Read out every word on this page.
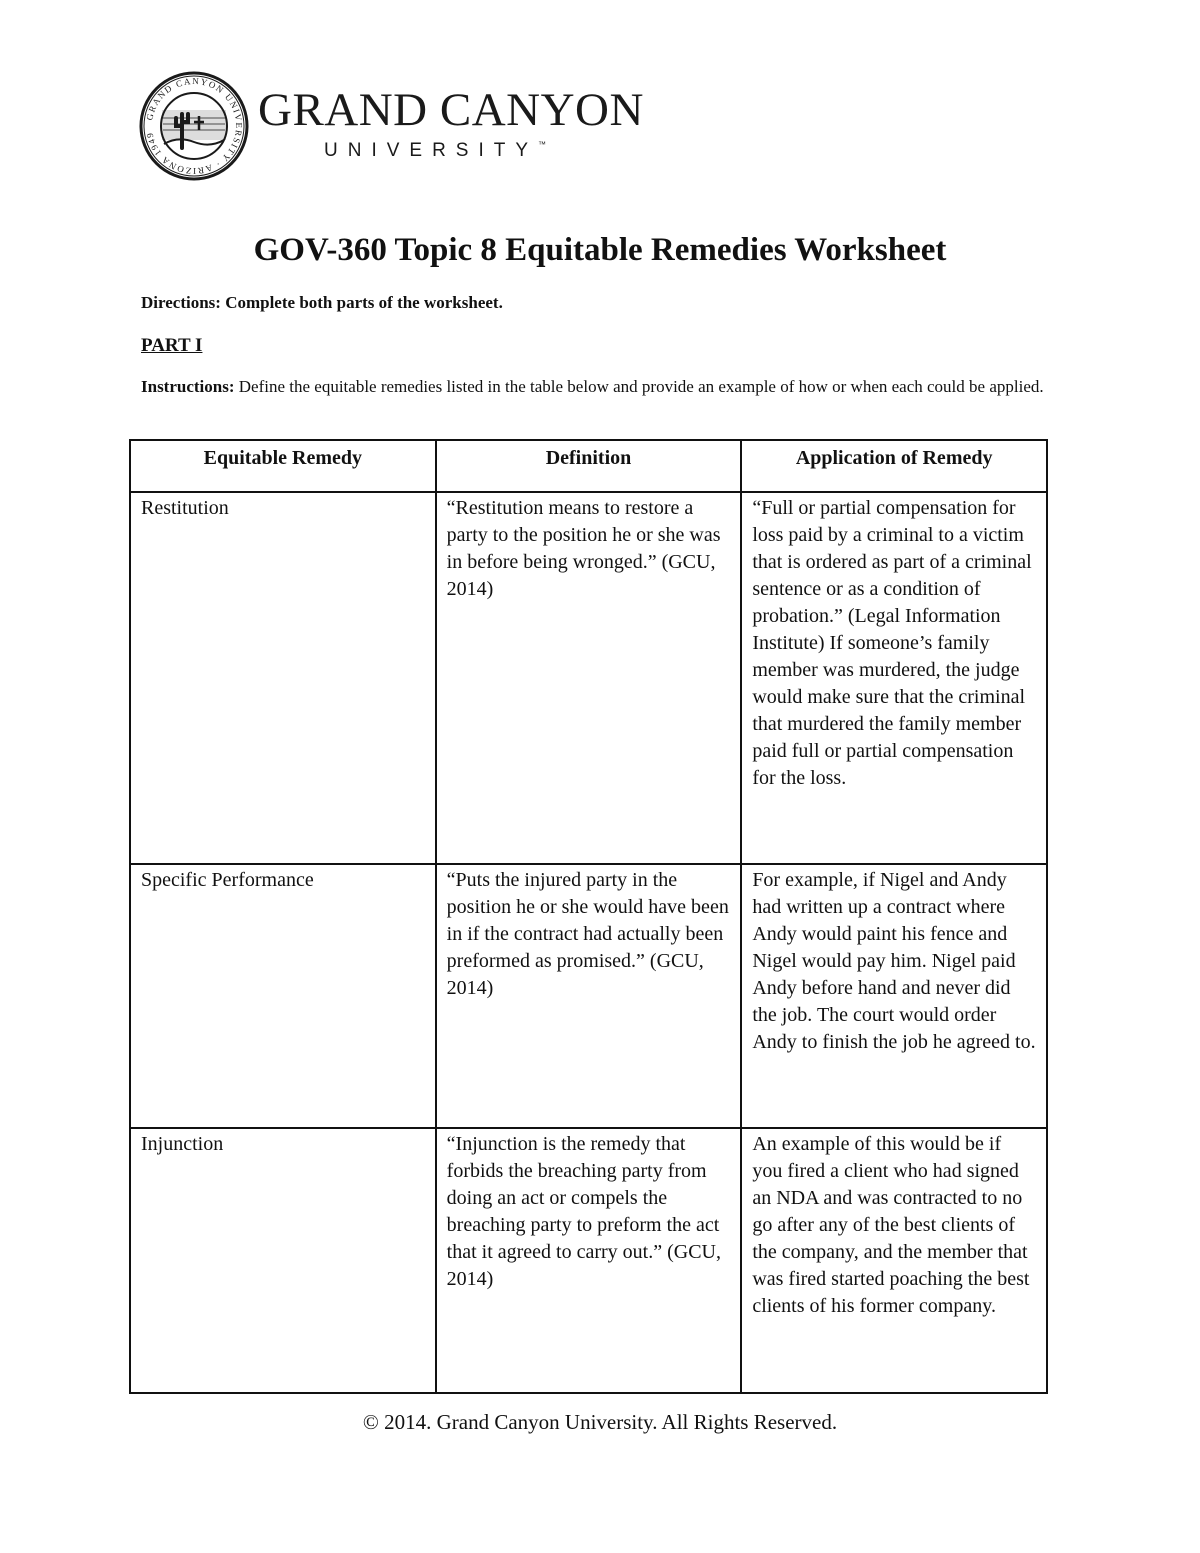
GRAND CANYON UNIVERSITY · ARIZONA 1949	GRAND CANYON
UNIVERSITY™
GOV-360 Topic 8 Equitable Remedies Worksheet
Directions: Complete both parts of the worksheet.
PART I
Instructions: Define the equitable remedies listed in the table below and provide an example of how or when each could be applied.
Equitable Remedy	Definition	Application of Remedy
Restitution	“Restitution means to restore a party to the position he or she was in before being wronged.” (GCU, 2014)	“Full or partial compensation for loss paid by a criminal to a victim that is ordered as part of a criminal sentence or as a condition of probation.” (Legal Information Institute) If someone’s family member was murdered, the judge would make sure that the criminal that murdered the family member paid full or partial compensation for the loss.
Specific Performance	“Puts the injured party in the position he or she would have been in if the contract had actually been preformed as promised.” (GCU, 2014)	For example, if Nigel and Andy had written up a contract where Andy would paint his fence and Nigel would pay him. Nigel paid Andy before hand and never did the job. The court would order Andy to finish the job he agreed to.
Injunction	“Injunction is the remedy that forbids the breaching party from doing an act or compels the breaching party to preform the act that it agreed to carry out.” (GCU, 2014)	An example of this would be if you fired a client who had signed an NDA and was contracted to no go after any of the best clients of the company, and the member that was fired started poaching the best clients of his former company.
© 2014. Grand Canyon University. All Rights Reserved.
